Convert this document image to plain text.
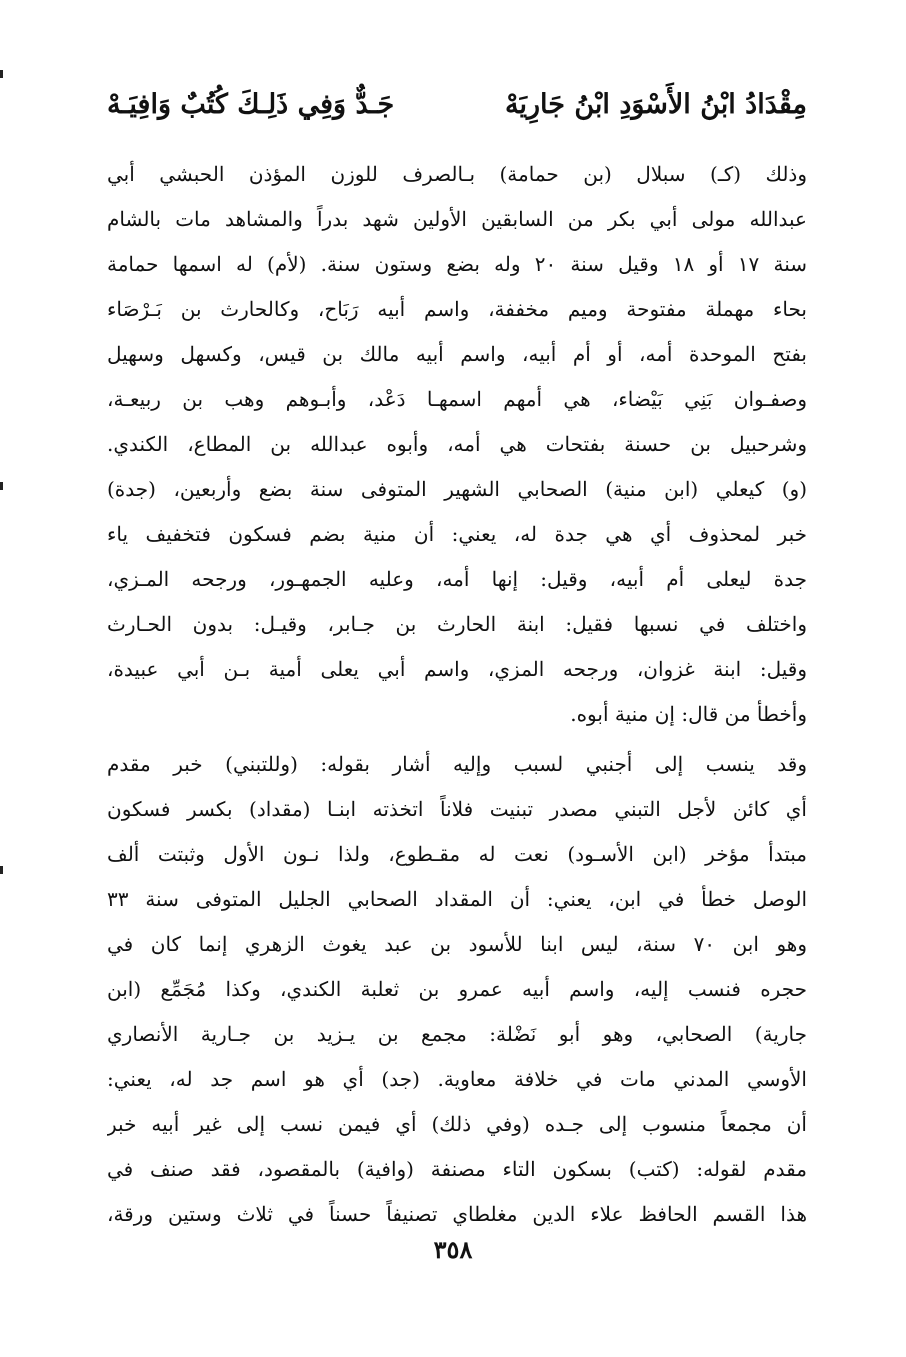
مِقْدَادُ ابْنُ الأَسْوَدِ ابْنُ جَارِيَهْ
جَـدٌّ وَفِي ذَلِـكَ كُتُبٌ وَافِيَـهْ
وذلك (كـ) سبلال (بن حمامة) بـالصرف للوزن المؤذن الحبشي أبي
عبدالله مولى أبي بكر من السابقين الأولين شهد بدراً والمشاهد مات بالشام
سنة ١٧ أو ١٨ وقيل سنة ٢٠ وله بضع وستون سنة. (لأم) له اسمها حمامة
بحاء مهملة مفتوحة وميم مخففة، واسم أبيه رَبَاح، وكالحارث بن بَـرْصَاء
بفتح الموحدة أمه، أو أم أبيه، واسم أبيه مالك بن قيس، وكسهل وسهيل
وصفـوان بَنِي بَيْضاء، هي أمهم اسمهـا دَعْد، وأبـوهم وهب بن ربيعـة،
وشرحبيل بن حسنة بفتحات هي أمه، وأبوه عبدالله بن المطاع، الكندي.
(و) كيعلي (ابن منية) الصحابي الشهير المتوفى سنة بضع وأربعين، (جدة)
خبر لمحذوف أي هي جدة له، يعني: أن منية بضم فسكون فتخفيف ياء
جدة ليعلى أم أبيه، وقيل: إنها أمه، وعليه الجمهـور، ورجحه المـزي،
واختلف في نسبها فقيل: ابنة الحارث بن جـابر، وقيـل: بدون الحـارث
وقيل: ابنة غزوان، ورجحه المزي، واسم أبي يعلى أمية بـن أبي عبيدة،
وأخطأ من قال: إن منية أبوه.
وقد ينسب إلى أجنبي لسبب وإليه أشار بقوله: (وللتبني) خبر مقدم
أي كائن لأجل التبني مصدر تبنيت فلاناً اتخذته ابنـا (مقداد) بكسر فسكون
مبتدأ مؤخر (ابن الأسـود) نعت له مقـطوع، ولذا نـون الأول وثبتت ألف
الوصل خطأ في ابن، يعني: أن المقداد الصحابي الجليل المتوفى سنة ٣٣
وهو ابن ٧٠ سنة، ليس ابنا للأسود بن عبد يغوث الزهري إنما كان في
حجره فنسب إليه، واسم أبيه عمرو بن ثعلبة الكندي، وكذا مُجَمِّع (ابن
جارية) الصحابي، وهو أبو نَضْلة: مجمع بن يـزيد بن جـارية الأنصاري
الأوسي المدني مات في خلافة معاوية. (جد) أي هو اسم جد له، يعني:
أن مجمعاً منسوب إلى جـده (وفي ذلك) أي فيمن نسب إلى غير أبيه خبر
مقدم لقوله: (كتب) بسكون التاء مصنفة (وافية) بالمقصود، فقد صنف في
هذا القسم الحافظ علاء الدين مغلطاي تصنيفاً حسناً في ثلاث وستين ورقة،
٣٥٨
